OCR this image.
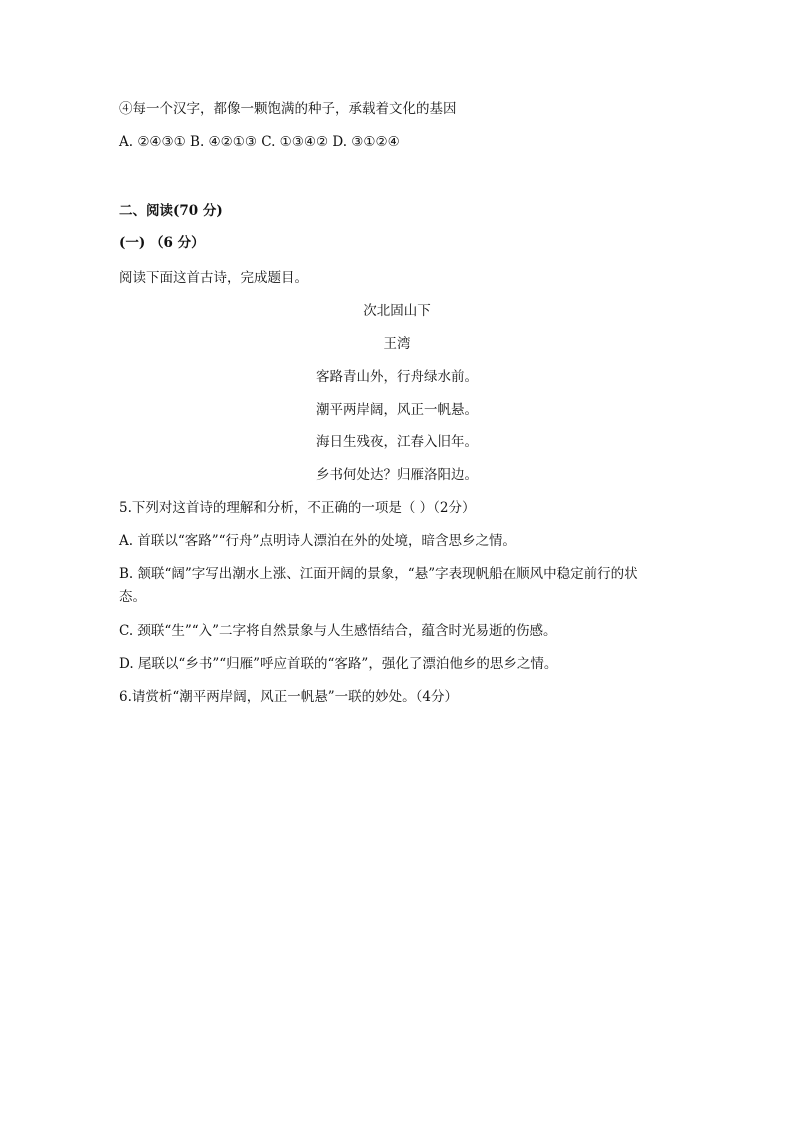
④每一个汉字，都像一颗饱满的种子，承载着文化的基因
A. ②④③① B. ④②①③ C. ①③④② D. ③①②④
二、阅读(70 分)
(一) （6 分）
阅读下面这首古诗，完成题目。
次北固山下
王湾
客路青山外，行舟绿水前。
潮平两岸阔，风正一帆悬。
海日生残夜，江春入旧年。
乡书何处达？归雁洛阳边。
5.下列对这首诗的理解和分析，不正确的一项是（ ）（2分）
A. 首联以“客路”“行舟”点明诗人漂泊在外的处境，暗含思乡之情。
B. 颔联“阔”字写出潮水上涨、江面开阔的景象，“悬”字表现帆船在顺风中稳定前行的状态。
C. 颈联“生”“入”二字将自然景象与人生感悟结合，蕴含时光易逝的伤感。
D. 尾联以“乡书”“归雁”呼应首联的“客路”，强化了漂泊他乡的思乡之情。
6.请赏析“潮平两岸阔，风正一帆悬”一联的妙处。（4分）
